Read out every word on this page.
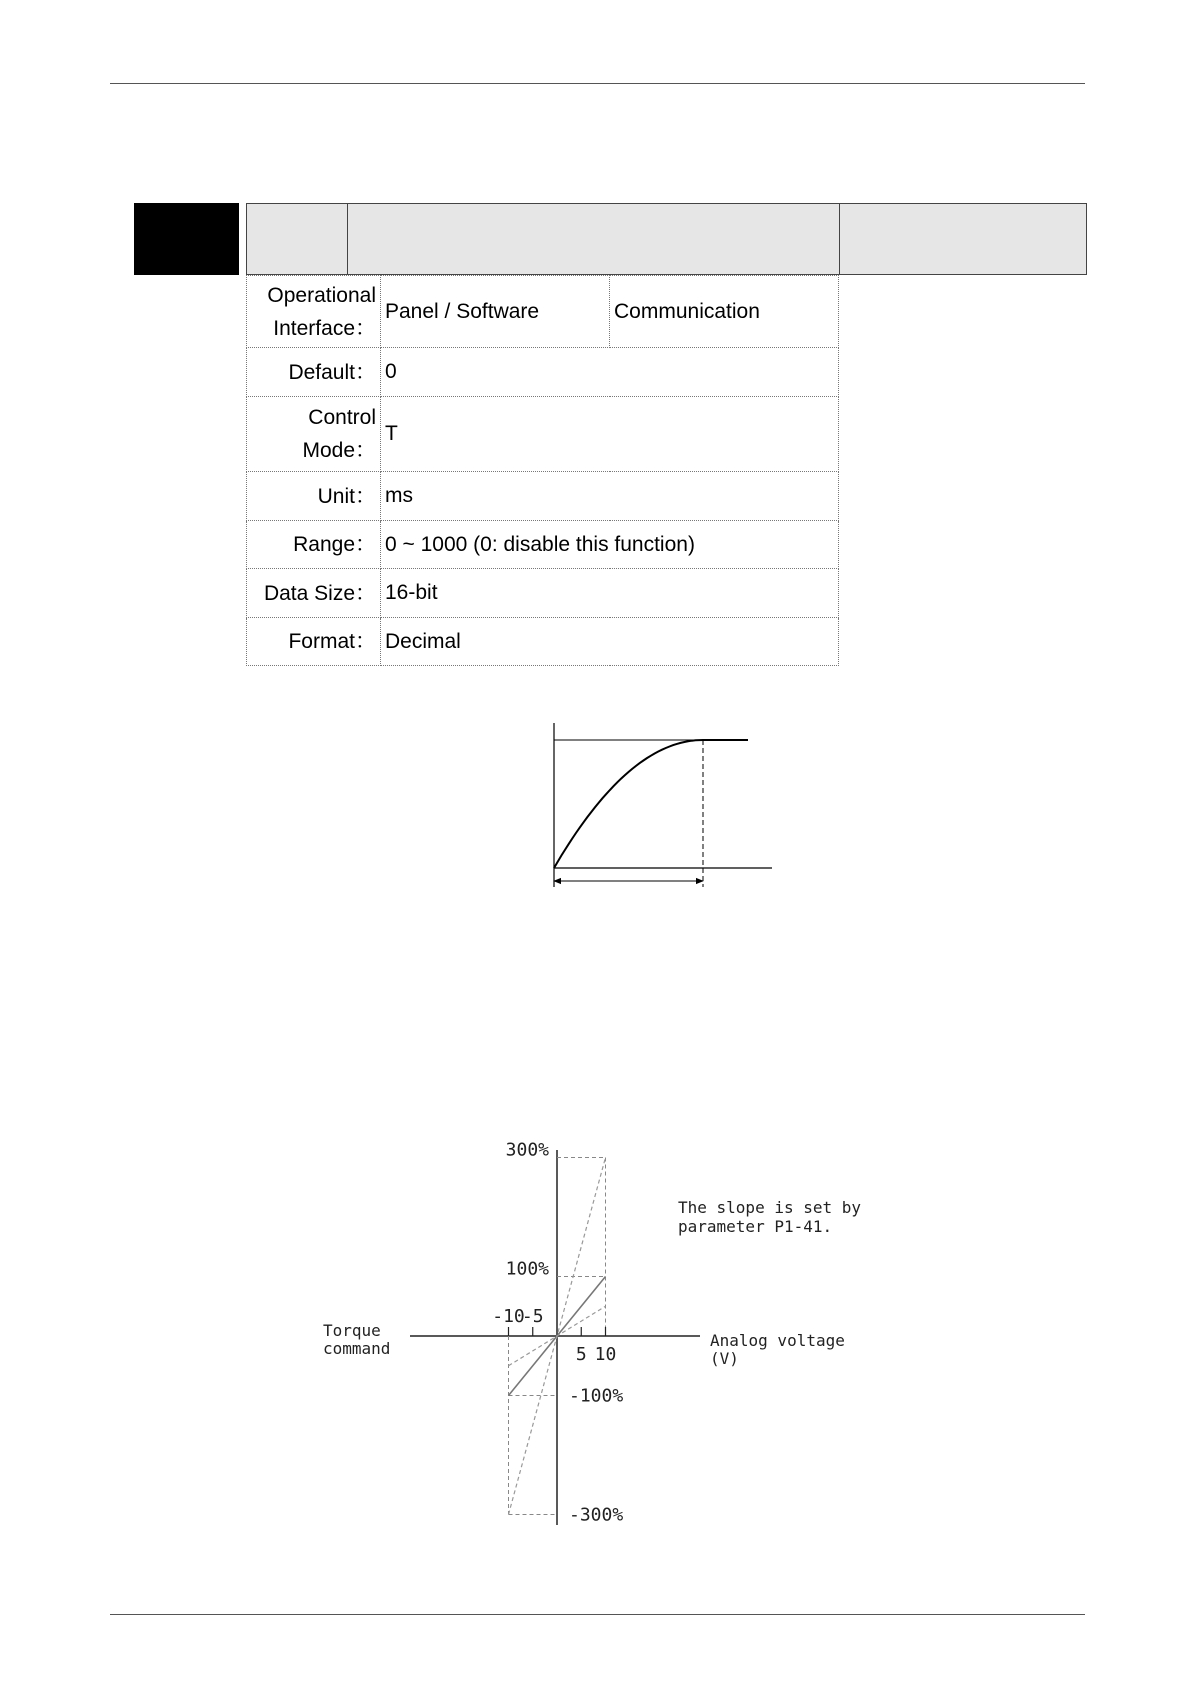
Operational Interface：	Panel / Software	Communication
Default：	0	
Control Mode：	T	
Unit：	ms	
Range：	0 ~ 1000 (0: disable this function)	
Data Size：	16-bit	
Format：	Decimal	
The slope is set by
parameter P1-41.
Torque
command	Analog voltage
(V)
-10
-5
5 10
300%
100%
-100%
-300%
